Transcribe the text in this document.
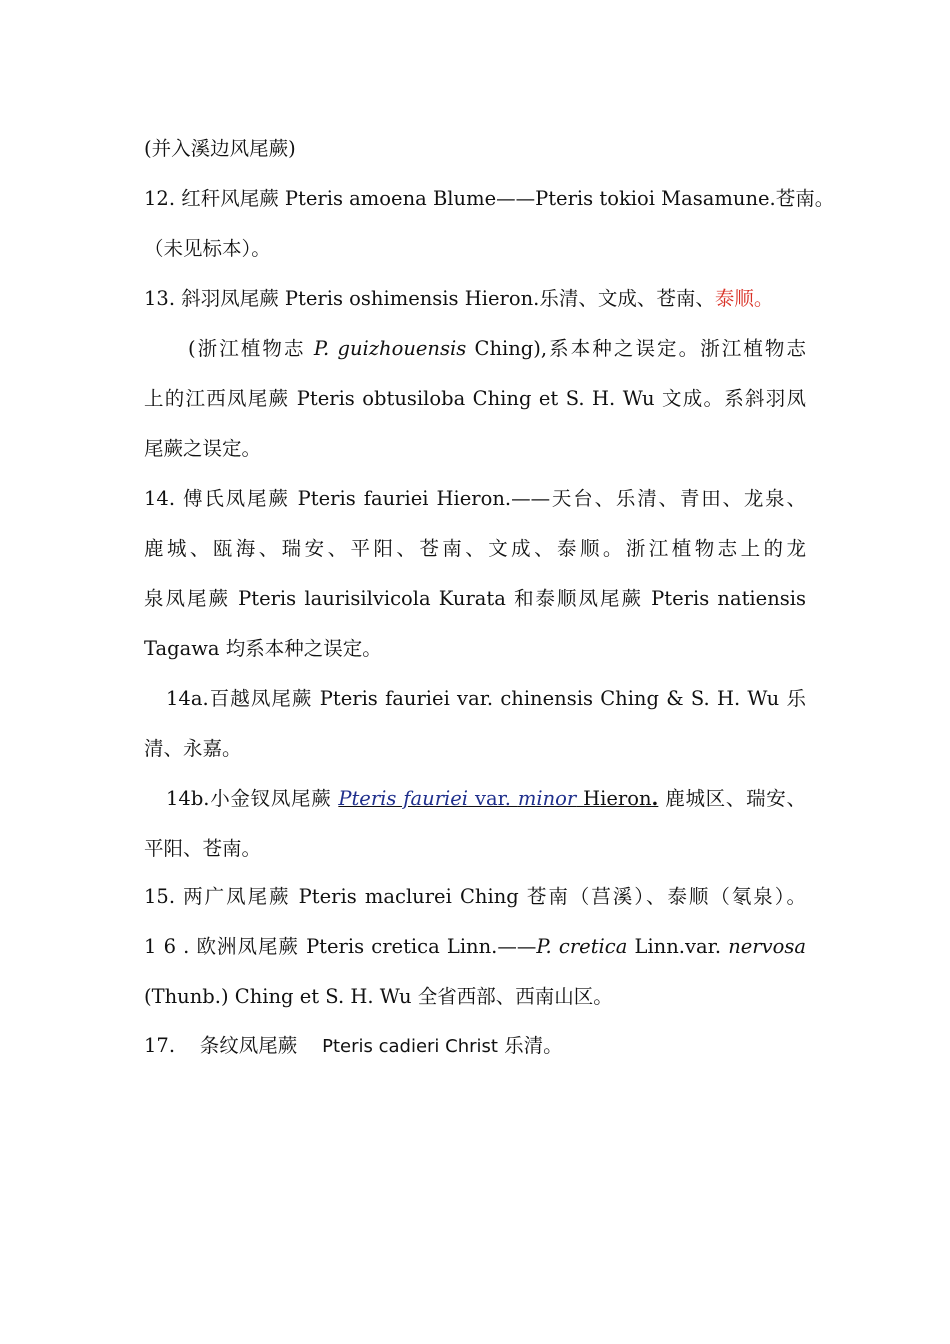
(并入溪边风尾蕨)
12. 红秆风尾蕨 Pteris amoena Blume——Pteris tokioi Masamune.苍南。
（未见标本）。
13. 斜羽凤尾蕨 Pteris oshimensis Hieron.乐清、文成、苍南、泰顺。
(浙江植物志 P. guizhouensis Ching),系本种之误定。浙江植物志
上的江西凤尾蕨 Pteris obtusiloba Ching et S. H. Wu 文成。系斜羽凤
尾蕨之误定。
14. 傅氏凤尾蕨 Pteris fauriei Hieron.——天台、乐清、青田、龙泉、
鹿城、瓯海、瑞安、平阳、苍南、文成、泰顺。浙江植物志上的龙
泉凤尾蕨 Pteris laurisilvicola Kurata 和泰顺凤尾蕨 Pteris natiensis
Tagawa 均系本种之误定。
14a.百越凤尾蕨 Pteris fauriei var. chinensis Ching & S. H. Wu 乐
清、永嘉。
14b.小金钗凤尾蕨 Pteris fauriei var. minor Hieron. 鹿城区、瑞安、
平阳、苍南。
15. 两广凤尾蕨 Pteris maclurei Ching 苍南（莒溪）、泰顺（氡泉）。
1 6 . 欧洲凤尾蕨 Pteris cretica Linn.——P. cretica Linn.var. nervosa
(Thunb.) Ching et S. H. Wu 全省西部、西南山区。
17.    条纹凤尾蕨    Pteris cadieri Christ 乐清。
